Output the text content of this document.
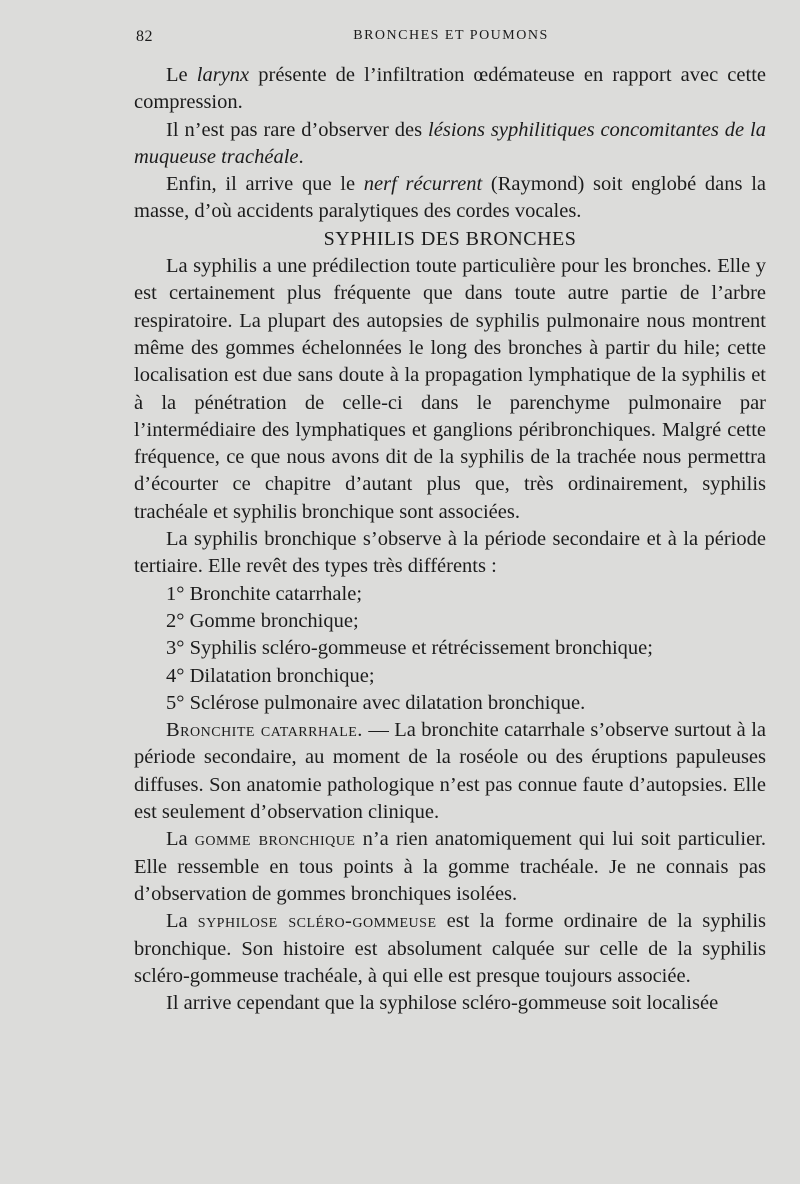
82	BRONCHES ET POUMONS

Le larynx présente de l’infiltration œdémateuse en rapport avec cette compression.

Il n’est pas rare d’observer des lésions syphilitiques concomitantes de la muqueuse trachéale.

Enfin, il arrive que le nerf récurrent (Raymond) soit englobé dans la masse, d’où accidents paralytiques des cordes vocales.

SYPHILIS DES BRONCHES

La syphilis a une prédilection toute particulière pour les bronches. Elle y est certainement plus fréquente que dans toute autre partie de l’arbre respiratoire. La plupart des autopsies de syphilis pulmonaire nous montrent même des gommes échelonnées le long des bronches à partir du hile; cette localisation est due sans doute à la propagation lymphatique de la syphilis et à la pénétration de celle-ci dans le parenchyme pulmonaire par l’intermédiaire des lymphatiques et ganglions péribronchiques. Malgré cette fréquence, ce que nous avons dit de la syphilis de la trachée nous permettra d’écourter ce chapitre d’autant plus que, très ordinairement, syphilis trachéale et syphilis bronchique sont associées.

La syphilis bronchique s’observe à la période secondaire et à la période tertiaire. Elle revêt des types très différents :

1° Bronchite catarrhale;

2° Gomme bronchique;

3° Syphilis scléro-gommeuse et rétrécissement bronchique;

4° Dilatation bronchique;

5° Sclérose pulmonaire avec dilatation bronchique.

Bronchite catarrhale. — La bronchite catarrhale s’observe surtout à la période secondaire, au moment de la roséole ou des éruptions papuleuses diffuses. Son anatomie pathologique n’est pas connue faute d’autopsies. Elle est seulement d’observation clinique.

La gomme bronchique n’a rien anatomiquement qui lui soit particulier. Elle ressemble en tous points à la gomme trachéale. Je ne connais pas d’observation de gommes bronchiques isolées.

La syphilose scléro-gommeuse est la forme ordinaire de la syphilis bronchique. Son histoire est absolument calquée sur celle de la syphilis scléro-gommeuse trachéale, à qui elle est presque toujours associée.

Il arrive cependant que la syphilose scléro-gommeuse soit localisée
